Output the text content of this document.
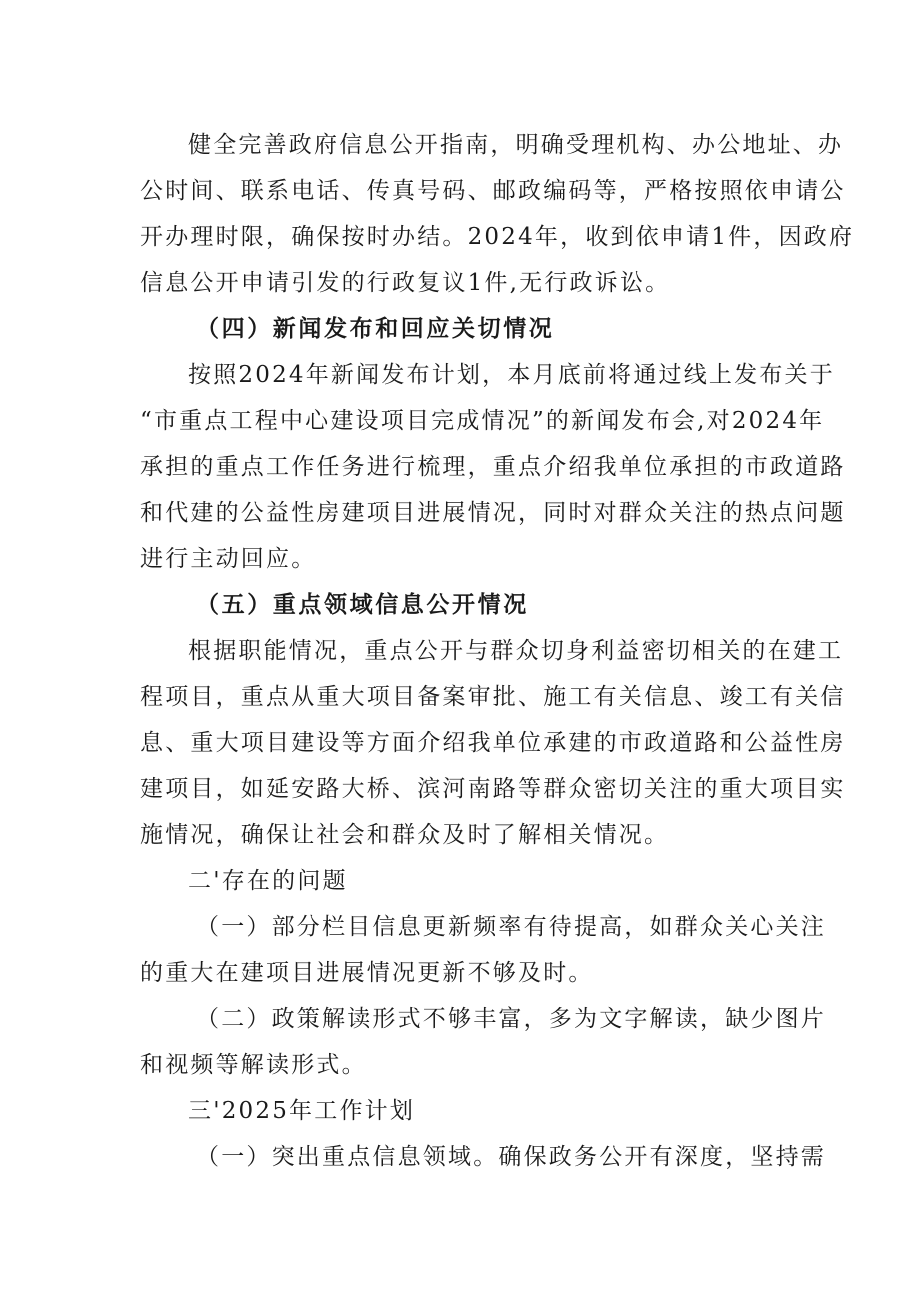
健全完善政府信息公开指南，明确受理机构、办公地址、办
公时间、联系电话、传真号码、邮政编码等，严格按照依申请公
开办理时限，确保按时办结。2024年，收到依申请1件，因政府
信息公开申请引发的行政复议1件,无行政诉讼。
（四）新闻发布和回应关切情况
按照2024年新闻发布计划，本月底前将通过线上发布关于
“市重点工程中心建设项目完成情况”的新闻发布会,对2024年
承担的重点工作任务进行梳理，重点介绍我单位承担的市政道路
和代建的公益性房建项目进展情况，同时对群众关注的热点问题
进行主动回应。
（五）重点领域信息公开情况
根据职能情况，重点公开与群众切身利益密切相关的在建工
程项目，重点从重大项目备案审批、施工有关信息、竣工有关信
息、重大项目建设等方面介绍我单位承建的市政道路和公益性房
建项目，如延安路大桥、滨河南路等群众密切关注的重大项目实
施情况，确保让社会和群众及时了解相关情况。
二'存在的问题
（一）部分栏目信息更新频率有待提高，如群众关心关注
的重大在建项目进展情况更新不够及时。
（二）政策解读形式不够丰富，多为文字解读，缺少图片
和视频等解读形式。
三'2025年工作计划
（一）突出重点信息领域。确保政务公开有深度，坚持需
